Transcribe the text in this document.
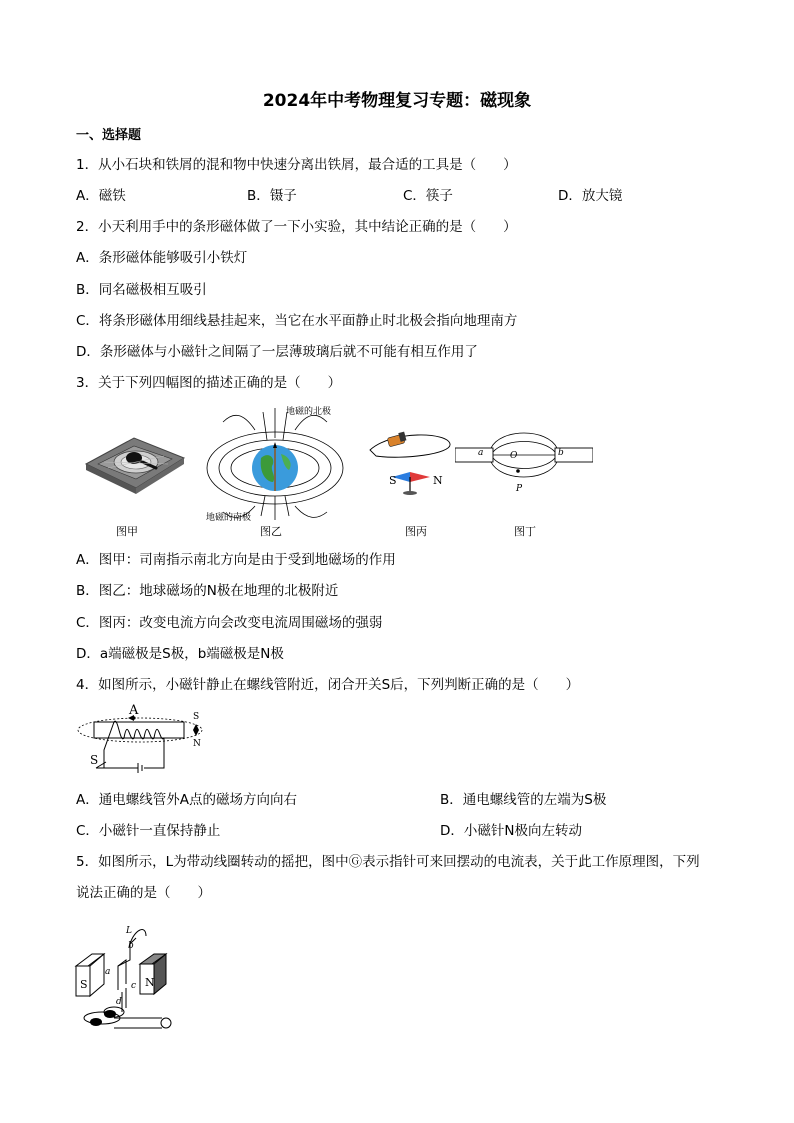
2024年中考物理复习专题：磁现象
一、选择题
1．从小石块和铁屑的混和物中快速分离出铁屑，最合适的工具是（　　）
A．磁铁	B．镊子	C．筷子	D．放大镜
2．小天利用手中的条形磁体做了一下小实验，其中结论正确的是（　　）
A．条形磁体能够吸引小铁灯
B．同名磁极相互吸引
C．将条形磁体用细线悬挂起来，当它在水平面静止时北极会指向地理南方
D．条形磁体与小磁针之间隔了一层薄玻璃后就不可能有相互作用了
3．关于下列四幅图的描述正确的是（　　）
图甲
地磁的北极
地磁的南极
图乙
S	N
图丙
a	O	b
P
图丁
A．图甲：司南指示南北方向是由于受到地磁场的作用
B．图乙：地球磁场的N极在地理的北极附近
C．图丙：改变电流方向会改变电流周围磁场的强弱
D．a端磁极是S极，b端磁极是N极
4．如图所示，小磁针静止在螺线管附近，闭合开关S后，下列判断正确的是（　　）
A
S
S
N
A．通电螺线管外A点的磁场方向向右	B．通电螺线管的左端为S极
C．小磁针一直保持静止	D．小磁针N极向左转动
5．如图所示，L为带动线圈转动的摇把，图中Ⓖ表示指针可来回摆动的电流表，关于此工作原理图，下列
说法正确的是（　　）
L
S	N
a
b
c
d
